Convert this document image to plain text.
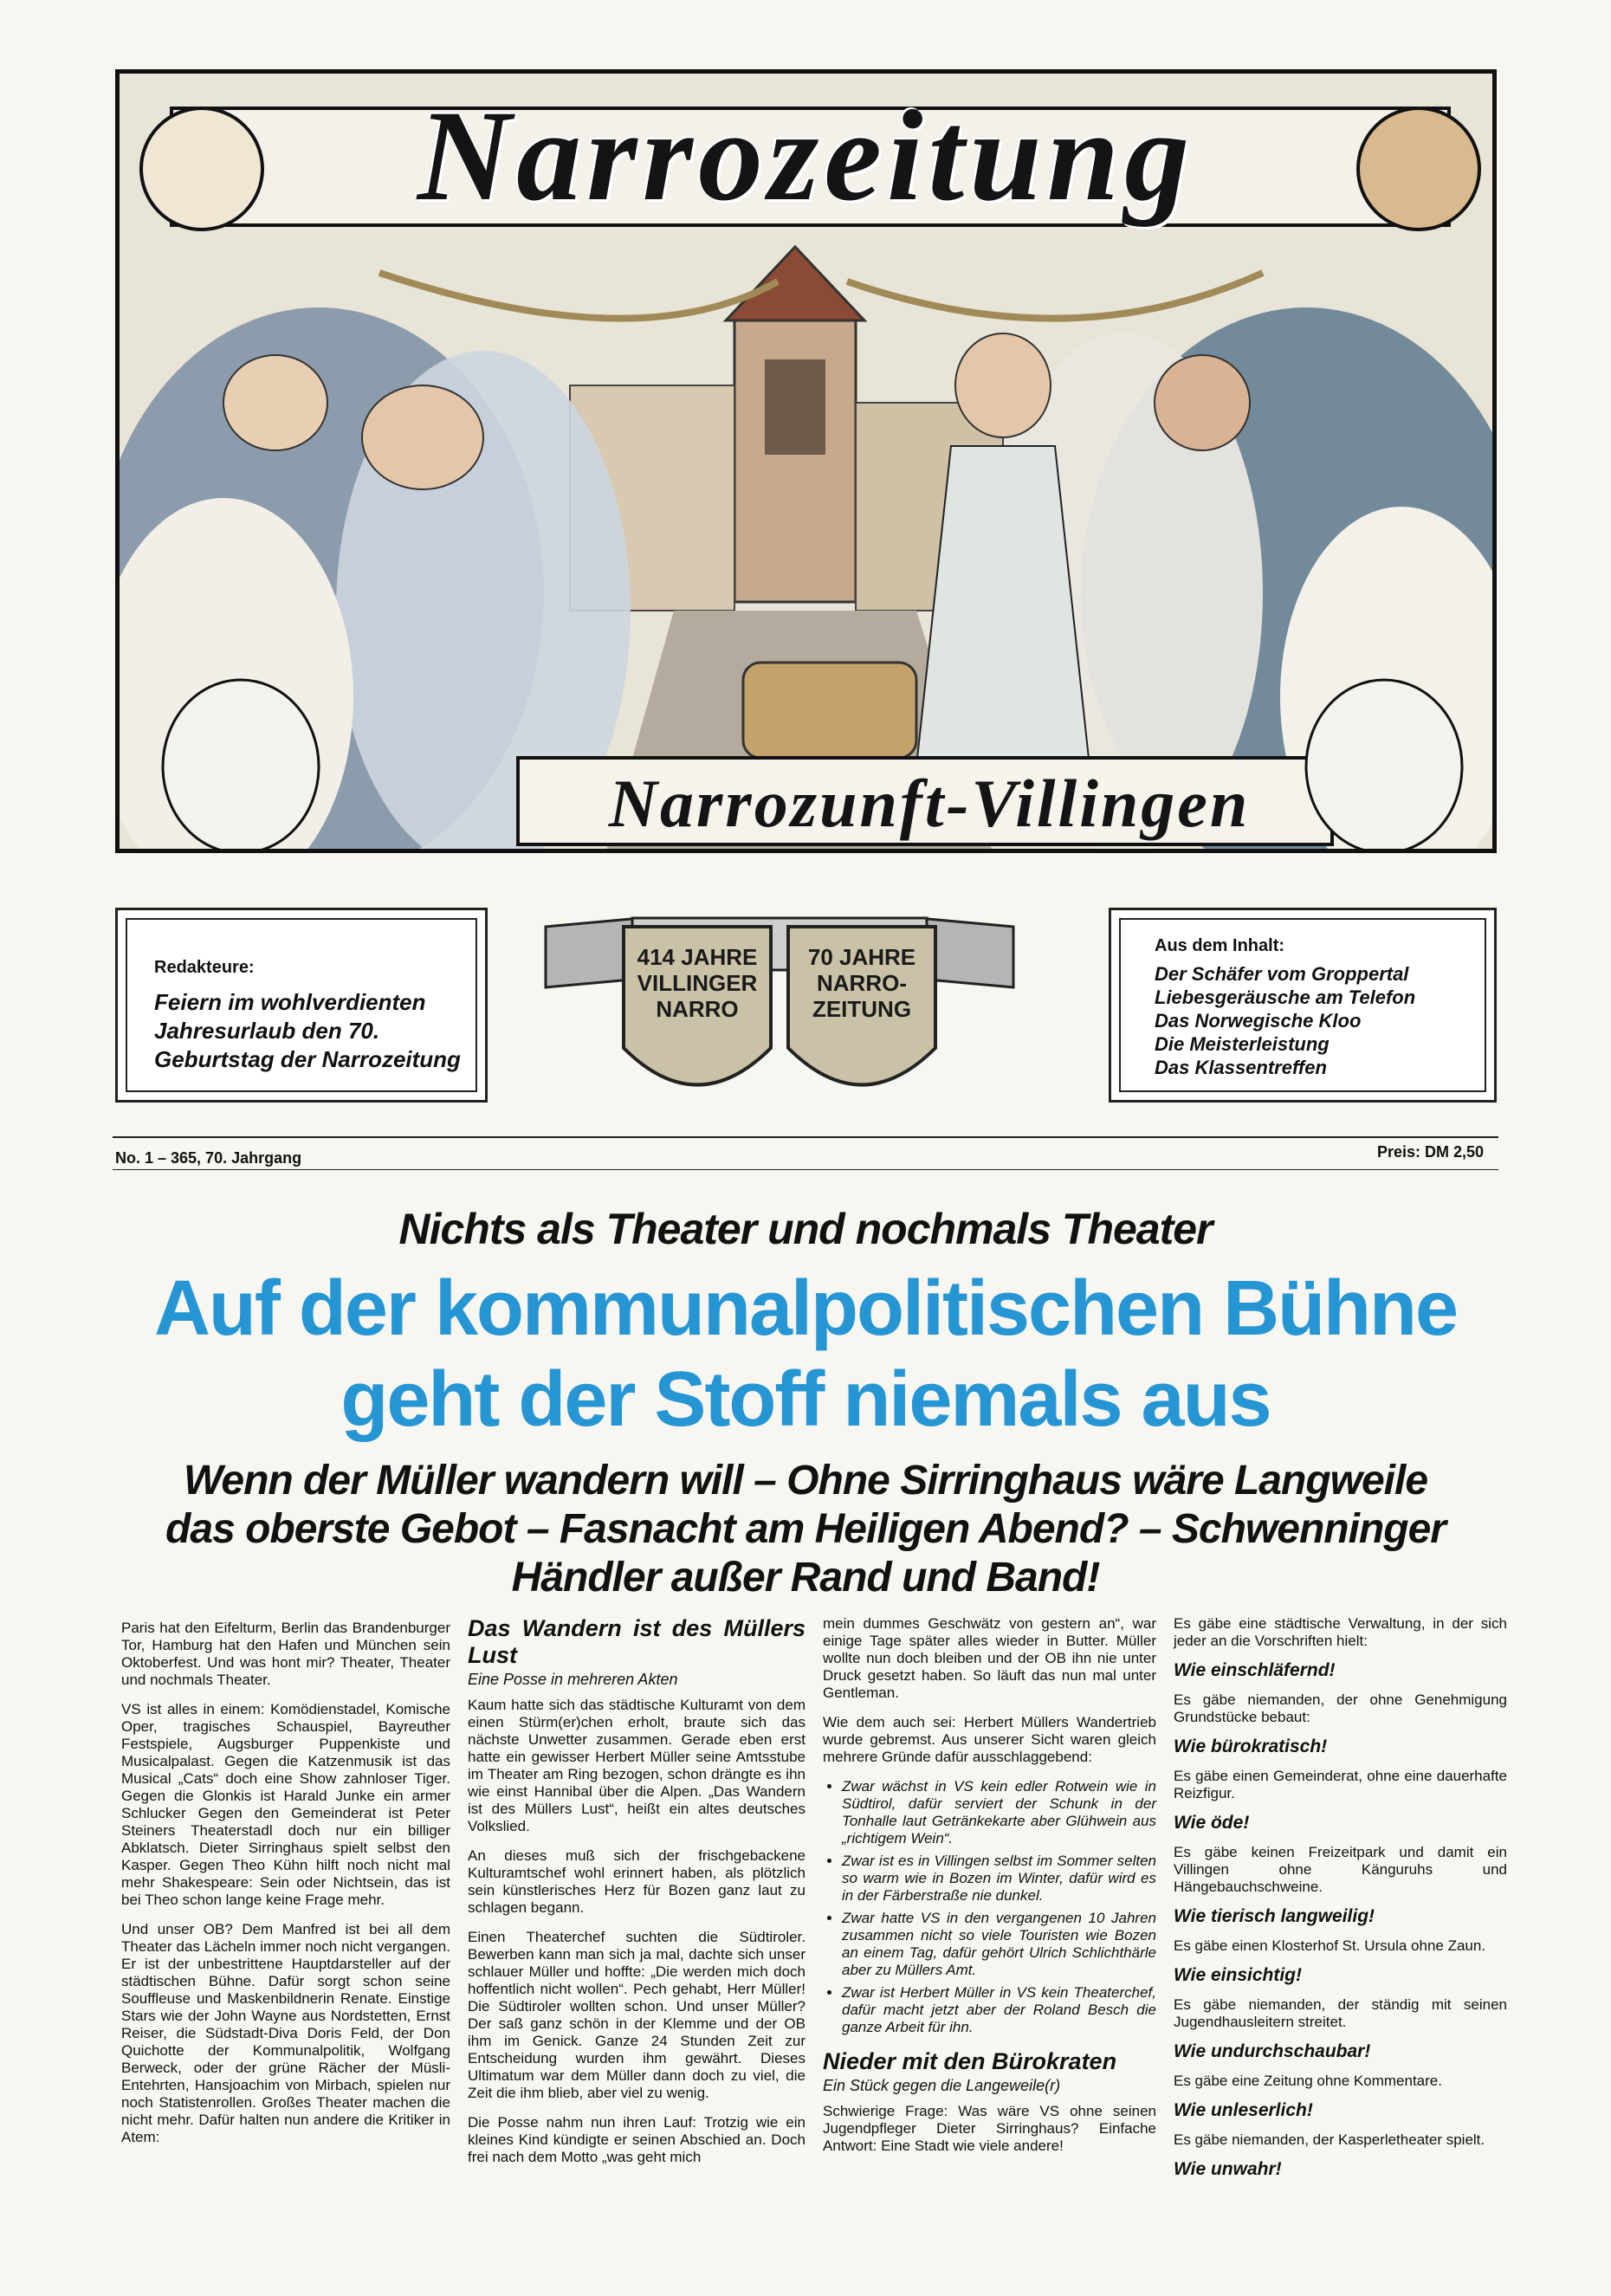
Narrozeitung
Narrozunft-Villingen
Redakteure:
Feiern im wohlverdienten Jahresurlaub den 70. Geburtstag der Narrozeitung
414 JAHRE VILLINGER NARRO
70 JAHRE NARRO-ZEITUNG
Aus dem Inhalt:
Der Schäfer vom Groppertal
Liebesgeräusche am Telefon
Das Norwegische Kloo
Die Meisterleistung
Das Klassentreffen
No. 1 – 365, 70. Jahrgang	Preis: DM 2,50
Nichts als Theater und nochmals Theater
Auf der kommunalpolitischen Bühne
geht der Stoff niemals aus
Wenn der Müller wandern will – Ohne Sirringhaus wäre Langweile
das oberste Gebot – Fasnacht am Heiligen Abend? – Schwenninger
Händler außer Rand und Band!

Paris hat den Eifelturm, Berlin das Brandenburger Tor, Hamburg hat den Hafen und München sein Oktoberfest. Und was hont mir? Theater, Theater und nochmals Theater.

VS ist alles in einem: Komödienstadel, Komische Oper, tragisches Schauspiel, Bayreuther Festspiele, Augsburger Puppenkiste und Musicalpalast. Gegen die Katzenmusik ist das Musical „Cats“ doch eine Show zahnloser Tiger. Gegen die Glonkis ist Harald Junke ein armer Schlucker Gegen den Gemeinderat ist Peter Steiners Theaterstadl doch nur ein billiger Abklatsch. Dieter Sirringhaus spielt selbst den Kasper. Gegen Theo Kühn hilft noch nicht mal mehr Shakespeare: Sein oder Nichtsein, das ist bei Theo schon lange keine Frage mehr.

Und unser OB? Dem Manfred ist bei all dem Theater das Lächeln immer noch nicht vergangen. Er ist der unbestrittene Hauptdarsteller auf der städtischen Bühne. Dafür sorgt schon seine Souffleuse und Maskenbildnerin Renate. Einstige Stars wie der John Wayne aus Nordstetten, Ernst Reiser, die Südstadt-Diva Doris Feld, der Don Quichotte der Kommunalpolitik, Wolfgang Berweck, oder der grüne Rächer der Müsli-Entehrten, Hansjoachim von Mirbach, spielen nur noch Statistenrollen. Großes Theater machen die nicht mehr. Dafür halten nun andere die Kritiker in Atem:

Das Wandern ist des Müllers Lust
Eine Posse in mehreren Akten

Kaum hatte sich das städtische Kulturamt von dem einen Stürm(er)chen erholt, braute sich das nächste Unwetter zusammen. Gerade eben erst hatte ein gewisser Herbert Müller seine Amtsstube im Theater am Ring bezogen, schon drängte es ihn wie einst Hannibal über die Alpen. „Das Wandern ist des Müllers Lust“, heißt ein altes deutsches Volkslied.

An dieses muß sich der frischgebackene Kulturamtschef wohl erinnert haben, als plötzlich sein künstlerisches Herz für Bozen ganz laut zu schlagen begann.

Einen Theaterchef suchten die Südtiroler. Bewerben kann man sich ja mal, dachte sich unser schlauer Müller und hoffte: „Die werden mich doch hoffentlich nicht wollen“. Pech gehabt, Herr Müller! Die Südtiroler wollten schon. Und unser Müller? Der saß ganz schön in der Klemme und der OB ihm im Genick. Ganze 24 Stunden Zeit zur Entscheidung wurden ihm gewährt. Dieses Ultimatum war dem Müller dann doch zu viel, die Zeit die ihm blieb, aber viel zu wenig.

Die Posse nahm nun ihren Lauf: Trotzig wie ein kleines Kind kündigte er seinen Abschied an. Doch frei nach dem Motto „was geht mich

mein dummes Geschwätz von gestern an“, war einige Tage später alles wieder in Butter. Müller wollte nun doch bleiben und der OB ihn nie unter Druck gesetzt haben. So läuft das nun mal unter Gentleman.

Wie dem auch sei: Herbert Müllers Wandertrieb wurde gebremst. Aus unserer Sicht waren gleich mehrere Gründe dafür ausschlaggebend:

• Zwar wächst in VS kein edler Rotwein wie in Südtirol, dafür serviert der Schunk in der Tonhalle laut Getränkekarte aber Glühwein aus „richtigem Wein“.
• Zwar ist es in Villingen selbst im Sommer selten so warm wie in Bozen im Winter, dafür wird es in der Färberstraße nie dunkel.
• Zwar hatte VS in den vergangenen 10 Jahren zusammen nicht so viele Touristen wie Bozen an einem Tag, dafür gehört Ulrich Schlichthärle aber zu Müllers Amt.
• Zwar ist Herbert Müller in VS kein Theaterchef, dafür macht jetzt aber der Roland Besch die ganze Arbeit für ihn.
Nieder mit den Bürokraten
Ein Stück gegen die Langeweile(r)

Schwierige Frage: Was wäre VS ohne seinen Jugendpfleger Dieter Sirringhaus? Einfache Antwort: Eine Stadt wie viele andere!

Es gäbe eine städtische Verwaltung, in der sich jeder an die Vorschriften hielt:

Wie einschläfernd!

Es gäbe niemanden, der ohne Genehmigung Grundstücke bebaut:

Wie bürokratisch!

Es gäbe einen Gemeinderat, ohne eine dauerhafte Reizfigur.

Wie öde!

Es gäbe keinen Freizeitpark und damit ein Villingen ohne Känguruhs und Hängebauchschweine.

Wie tierisch langweilig!

Es gäbe einen Klosterhof St. Ursula ohne Zaun.

Wie einsichtig!

Es gäbe niemanden, der ständig mit seinen Jugendhausleitern streitet.

Wie undurchschaubar!

Es gäbe eine Zeitung ohne Kommentare.

Wie unleserlich!

Es gäbe niemanden, der Kasperletheater spielt.

Wie unwahr!
